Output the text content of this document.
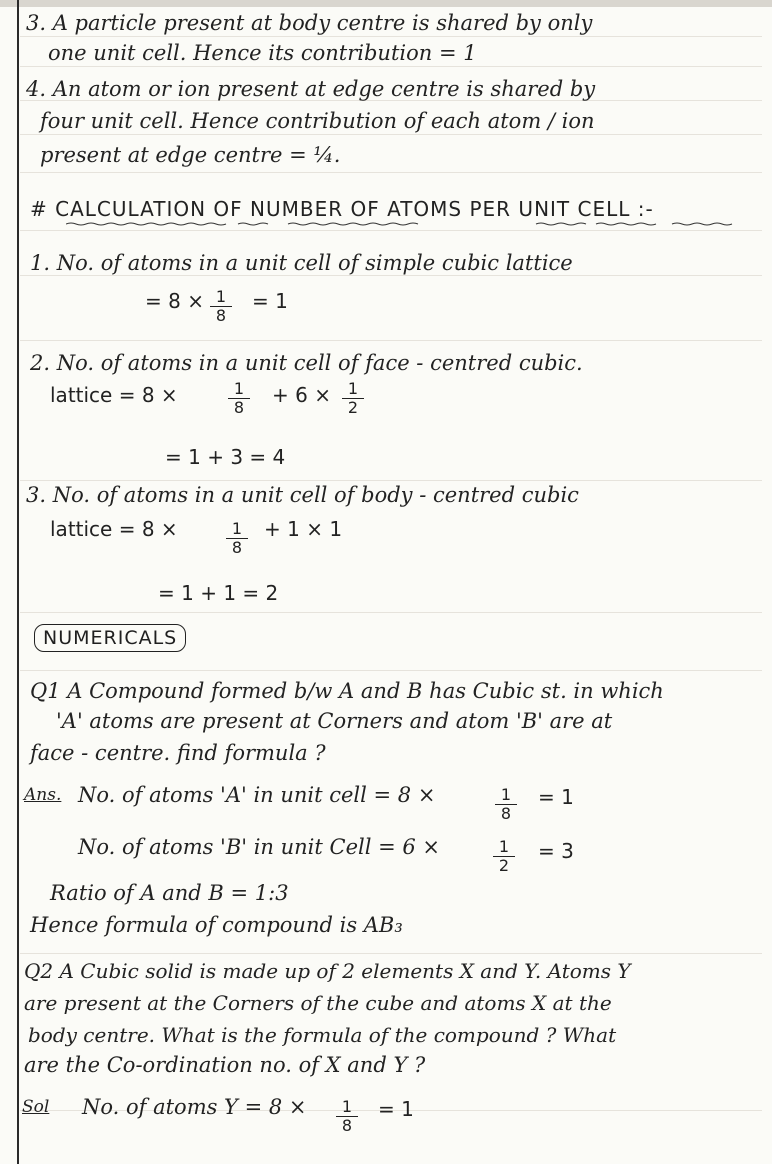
3. A particle present at body centre is shared by only
one unit cell. Hence its contribution = 1
4. An atom or ion present at edge centre is shared by
four unit cell. Hence contribution of each atom / ion
present at edge centre = ¼.
# CALCULATION OF NUMBER OF ATOMS PER UNIT CELL :-
1. No. of atoms in a unit cell of simple cubic lattice
= $8 \times \frac{1}{8} = 1$
2. No. of atoms in a unit cell of face - centred cubic.
lattice = 8 ×	$\frac{1}{8} + 6 \times \frac{1}{2}$
= 1 + 3 = 4
3. No. of atoms in a unit cell of body - centred cubic
lattice = 8 ×	$\frac{1}{8} + 1 \times 1$
= 1 + 1 = 2
NUMERICALS
Q1 A Compound formed b/w A and B has Cubic st. in which
'A' atoms are present at Corners and atom 'B' are at
face - centre. find formula ?
Ans. No. of atoms 'A' in unit cell = 8 ×	$\frac{1}{8} = 1$
No. of atoms 'B' in unit Cell = 6 ×	$\frac{1}{2} = 3$
Ratio of A and B = 1:3
Hence formula of compound is AB₃
Q2 A Cubic solid is made up of 2 elements X and Y. Atoms Y
are present at the Corners of the cube and atoms X at the
body centre. What is the formula of the compound ? What
are the Co-ordination no. of X and Y ?
Sol No. of atoms $Y = 8 \times \frac{1}{8} = 1$
